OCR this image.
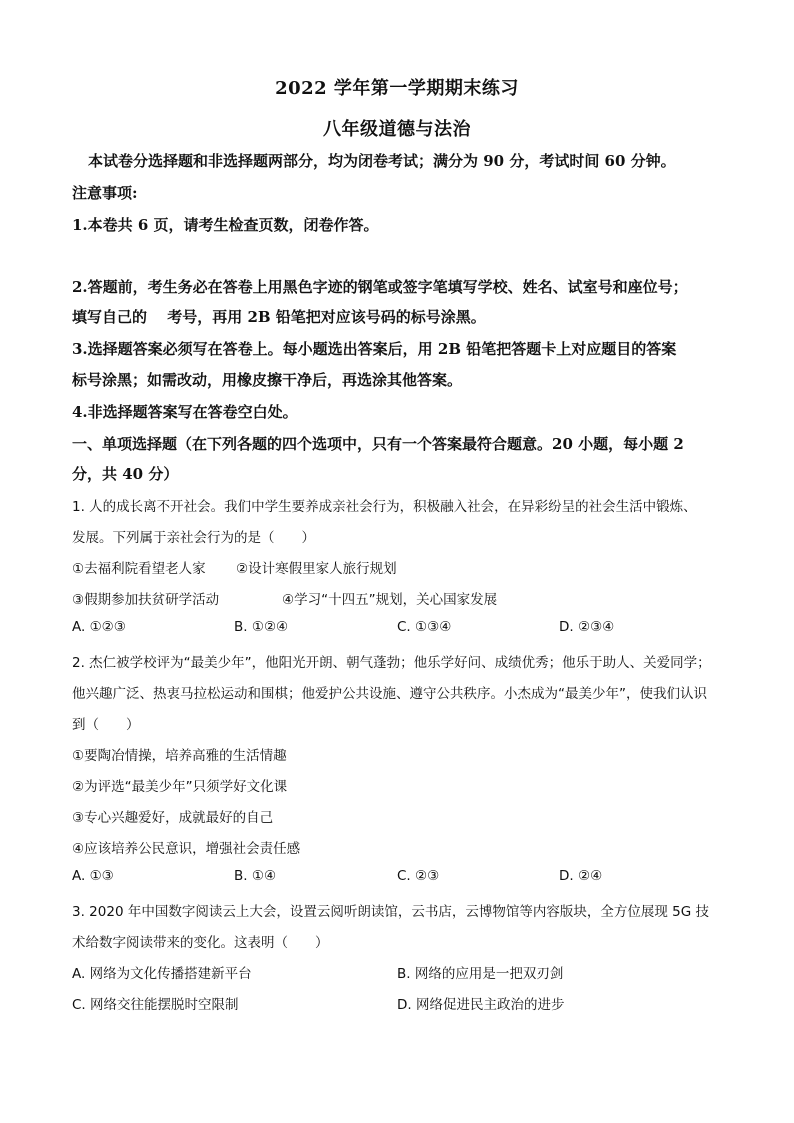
2022 学年第一学期期末练习
八年级道德与法治
本试卷分选择题和非选择题两部分，均为闭卷考试；满分为 90 分，考试时间 60 分钟。
注意事项:
1.本卷共 6 页，请考生检查页数，闭卷作答。
2.答题前，考生务必在答卷上用黑色字迹的钢笔或签字笔填写学校、姓名、试室号和座位号；
填写自己的　 考号，再用 2B 铅笔把对应该号码的标号涂黑。
3.选择题答案必须写在答卷上。每小题选出答案后，用 2B 铅笔把答题卡上对应题目的答案
标号涂黑；如需改动，用橡皮擦干净后，再选涂其他答案。
4.非选择题答案写在答卷空白处。
一、单项选择题（在下列各题的四个选项中，只有一个答案最符合题意。20 小题，每小题 2
分，共 40 分）
1. 人的成长离不开社会。我们中学生要养成亲社会行为，积极融入社会，在异彩纷呈的社会生活中锻炼、
发展。下列属于亲社会行为的是（　　）
①去福利院看望老人家 ②设计寒假里家人旅行规划
③假期参加扶贫研学活动	④学习“十四五”规划，关心国家发展
A. ①②③	B. ①②④	C. ①③④	D. ②③④
2. 杰仁被学校评为“最美少年”，他阳光开朗、朝气蓬勃；他乐学好问、成绩优秀；他乐于助人、关爱同学；
他兴趣广泛、热衷马拉松运动和围棋；他爱护公共设施、遵守公共秩序。小杰成为“最美少年”，使我们认识
到（　　）
①要陶冶情操，培养高雅的生活情趣
②为评选“最美少年”只须学好文化课
③专心兴趣爱好，成就最好的自己
④应该培养公民意识，增强社会责任感
A. ①③	B. ①④	C. ②③	D. ②④
3. 2020 年中国数字阅读云上大会，设置云阅听朗读馆，云书店，云博物馆等内容版块，全方位展现 5G 技
术给数字阅读带来的变化。这表明（　　）
A. 网络为文化传播搭建新平台	B. 网络的应用是一把双刃剑
C. 网络交往能摆脱时空限制	D. 网络促进民主政治的进步
